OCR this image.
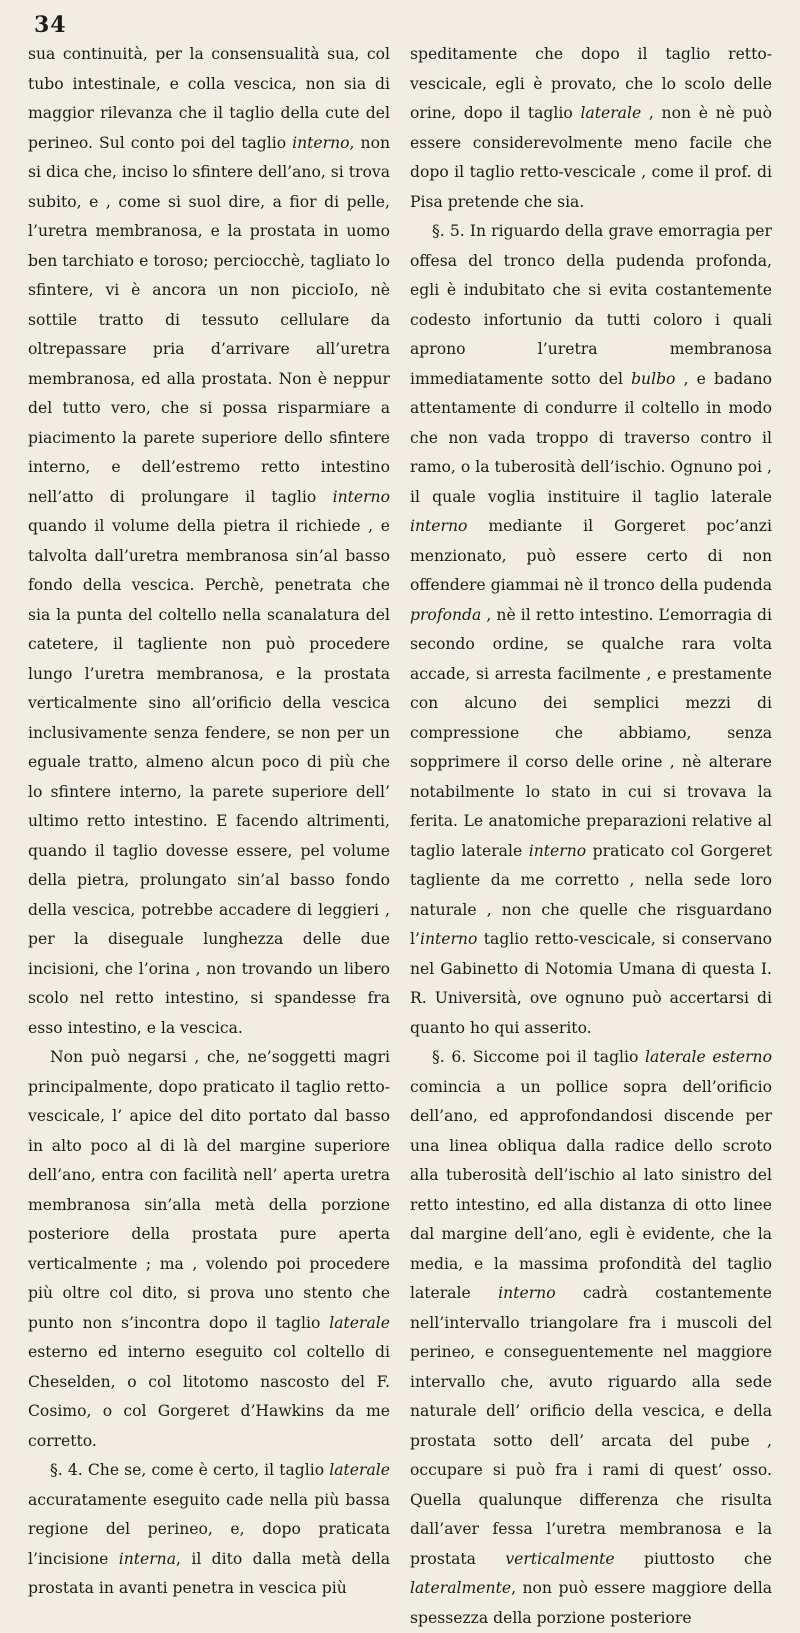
34

sua continuità, per la consensualità sua, col tubo intestinale, e colla vescica, non sia di maggior rilevanza che il taglio della cute del perineo. Sul conto poi del taglio interno, non si dica che, inciso lo sfintere dell’ano, si trova subito, e , come si suol dire, a fior di pelle, l’uretra membranosa, e la prostata in uomo ben tarchiato e toroso; perciocchè, tagliato lo sfintere, vi è ancora un non piccioIo, nè sottile tratto di tessuto cellulare da oltrepassare pria d’arrivare all’uretra membranosa, ed alla prostata. Non è neppur del tutto vero, che si possa risparmiare a piacimento la parete superiore dello sfintere interno, e dell’estremo retto intestino nell’atto di prolungare il taglio interno quando il volume della pietra il richiede , e talvolta dall’uretra membranosa sin’al basso fondo della vescica. Perchè, penetrata che sia la punta del coltello nella scanalatura del catetere, il tagliente non può procedere lungo l’uretra membranosa, e la prostata verticalmente sino all’orificio della vescica inclusivamente senza fendere, se non per un eguale tratto, almeno alcun poco di più che lo sfintere interno, la parete superiore dell’ ultimo retto intestino. E facendo altrimenti, quando il taglio dovesse essere, pel volume della pietra, prolungato sin’al basso fondo della vescica, potrebbe accadere di leggieri , per la diseguale lunghezza delle due incisioni, che l’orina , non trovando un libero scolo nel retto intestino, si spandesse fra esso intestino, e la vescica.

Non può negarsi , che, ne’soggetti magri principalmente, dopo praticato il taglio retto-vescicale, l’ apice del dito portato dal basso in alto poco al di là del margine superiore dell’ano, entra con facilità nell’ aperta uretra membranosa sin’alla metà della porzione posteriore della prostata pure aperta verticalmente ; ma , volendo poi procedere più oltre col dito, si prova uno stento che punto non s’incontra dopo il taglio laterale esterno ed interno eseguito col coltello di Cheselden, o col litotomo nascosto del F. Cosimo, o col Gorgeret d’Hawkins da me corretto.

§. 4. Che se, come è certo, il taglio laterale accuratamente eseguito cade nella più bassa regione del perineo, e, dopo praticata l’incisione interna, il dito dalla metà della prostata in avanti penetra in vescica più

speditamente che dopo il taglio retto-vescicale, egli è provato, che lo scolo delle orine, dopo il taglio laterale , non è nè può essere considerevolmente meno facile che dopo il taglio retto-vescicale , come il prof. di Pisa pretende che sia.

§. 5. In riguardo della grave emorragia per offesa del tronco della pudenda profonda, egli è indubitato che si evita costantemente codesto infortunio da tutti coloro i quali aprono l’uretra membranosa immediatamente sotto del bulbo , e badano attentamente di condurre il coltello in modo che non vada troppo di traverso contro il ramo, o la tuberosità dell’ischio. Ognuno poi , il quale voglia instituire il taglio laterale interno mediante il Gorgeret poc’anzi menzionato, può essere certo di non offendere giammai nè il tronco della pudenda profonda , nè il retto intestino. L’emorragia di secondo ordine, se qualche rara volta accade, si arresta facilmente , e prestamente con alcuno dei semplici mezzi di compressione che abbiamo, senza sopprimere il corso delle orine , nè alterare notabilmente lo stato in cui si trovava la ferita. Le anatomiche preparazioni relative al taglio laterale interno praticato col Gorgeret tagliente da me corretto , nella sede loro naturale , non che quelle che risguardano l’interno taglio retto-vescicale, si conservano nel Gabinetto di Notomia Umana di questa I. R. Università, ove ognuno può accertarsi di quanto ho qui asserito.

§. 6. Siccome poi il taglio laterale esterno comincia a un pollice sopra dell’orificio dell’ano, ed approfondandosi discende per una linea obliqua dalla radice dello scroto alla tuberosità dell’ischio al lato sinistro del retto intestino, ed alla distanza di otto linee dal margine dell’ano, egli è evidente, che la media, e la massima profondità del taglio laterale interno cadrà costantemente nell’intervallo triangolare fra i muscoli del perineo, e conseguentemente nel maggiore intervallo che, avuto riguardo alla sede naturale dell’ orificio della vescica, e della prostata sotto dell’ arcata del pube , occupare si può fra i rami di quest’ osso. Quella qualunque differenza che risulta dall’aver fessa l’uretra membranosa e la prostata verticalmente piuttosto che lateralmente, non può essere maggiore della spessezza della porzione posteriore
